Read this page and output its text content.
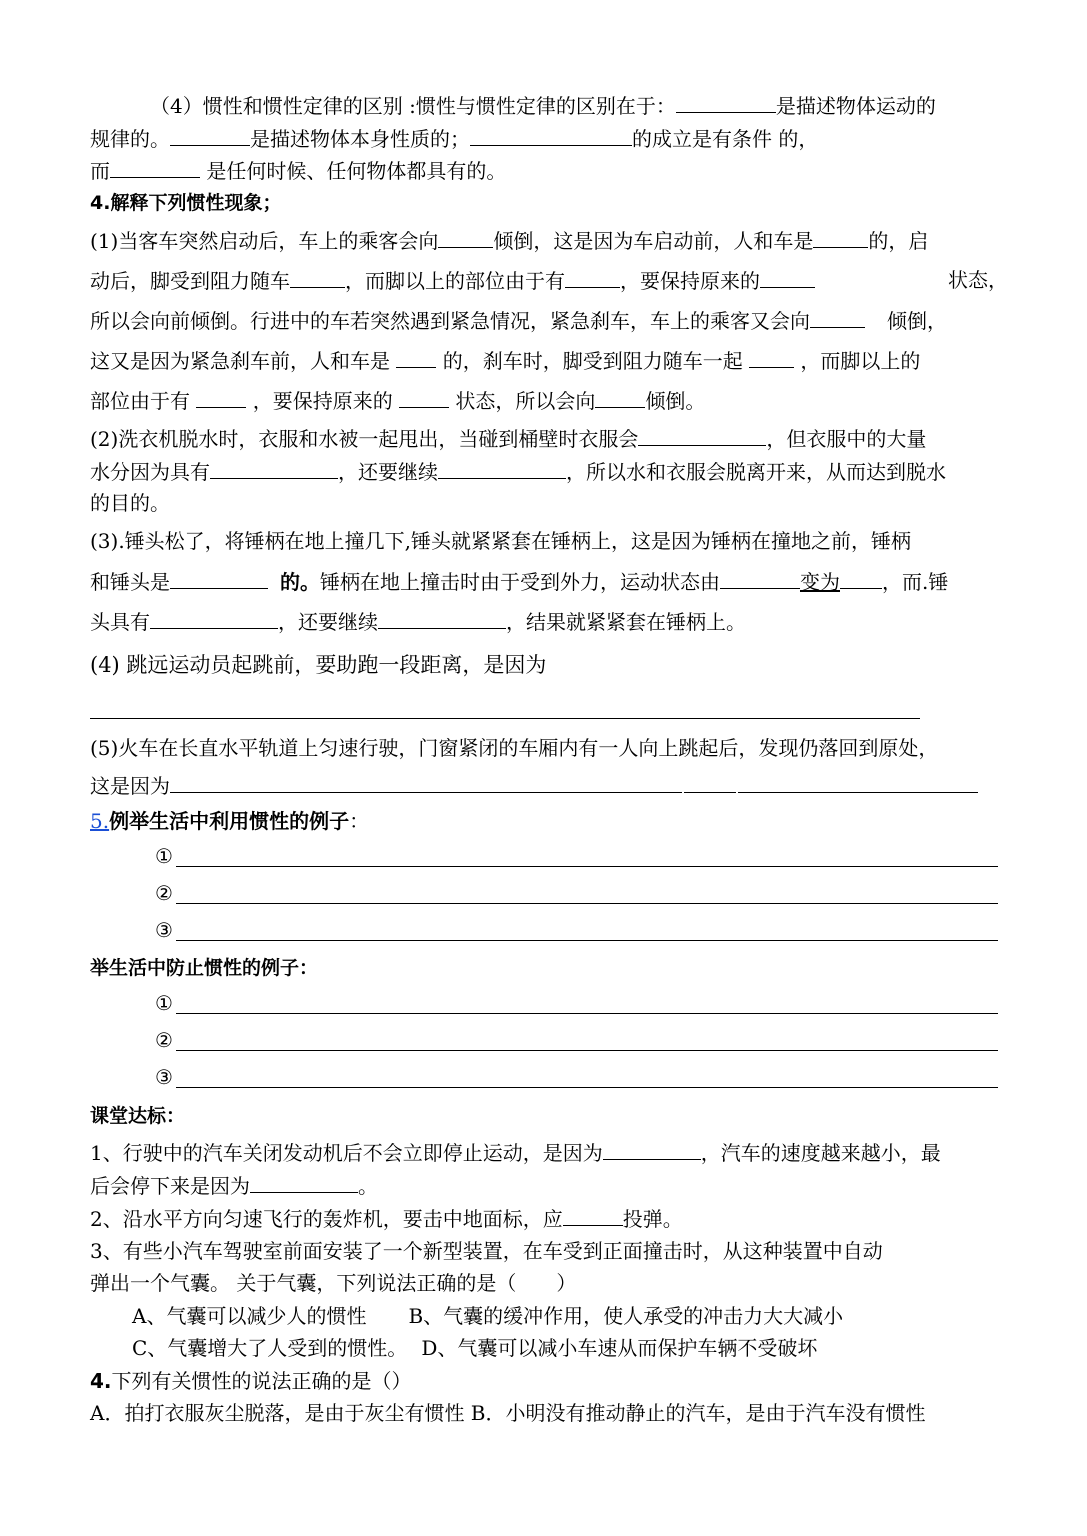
（4）惯性和惯性定律的区别 :惯性与惯性定律的区别在于：	是描述物体运动的
规律的。	是描述物体本身性质的；	的成立是有条件 的，
而	是任何时候、任何物体都具有的。
4.解释下列惯性现象；
(1)当客车突然启动后，车上的乘客会向	倾倒，这是因为车启动前，人和车是	的，启
动后，脚受到阻力随车	，而脚以上的部位由于有	，要保持原来的	状态，
所以会向前倾倒。行进中的车若突然遇到紧急情况，紧急刹车，车上的乘客又会向	倾倒，
这又是因为紧急刹车前，人和车是  的，刹车时，脚受到阻力随车一起  ，而脚以上的
部位由于有	，要保持原来的	状态，所以会向	倾倒。
(2)洗衣机脱水时，衣服和水被一起甩出，当碰到桶壁时衣服会	，但衣服中的大量
水分因为具有	，还要继续	，所以水和衣服会脱离开来，从而达到脱水
的目的。
(3).锤头松了，将锤柄在地上撞几下,锤头就紧紧套在锤柄上，这是因为锤柄在撞地之前，锤柄
和锤头是	的。锤柄在地上撞击时由于受到外力，运动状态由	变为 ，而.锤
头具有	，还要继续	，结果就紧紧套在锤柄上。
(4) 跳远运动员起跳前，要助跑一段距离，是因为
(5)火车在长直水平轨道上匀速行驶，门窗紧闭的车厢内有一人向上跳起后，发现仍落回到原处，
这是因为
5.例举生活中利用惯性的例子：
①
②
③
举生活中防止惯性的例子：
①
②
③
课堂达标：
1、行驶中的汽车关闭发动机后不会立即停止运动，是因为	，汽车的速度越来越小，最
后会停下来是因为	。
2、沿水平方向匀速飞行的轰炸机，要击中地面标，应	投弹。
3、有些小汽车驾驶室前面安装了一个新型装置，在车受到正面撞击时，从这种装置中自动
弹出一个气囊。 关于气囊，下列说法正确的是（　　）
A、气囊可以减少人的惯性 B、气囊的缓冲作用，使人承受的冲击力大大减小
C、气囊增大了人受到的惯性。 D、气囊可以减小车速从而保护车辆不受破坏
4.下列有关惯性的说法正确的是（）
A．拍打衣服灰尘脱落，是由于灰尘有惯性 B．小明没有推动静止的汽车，是由于汽车没有惯性
